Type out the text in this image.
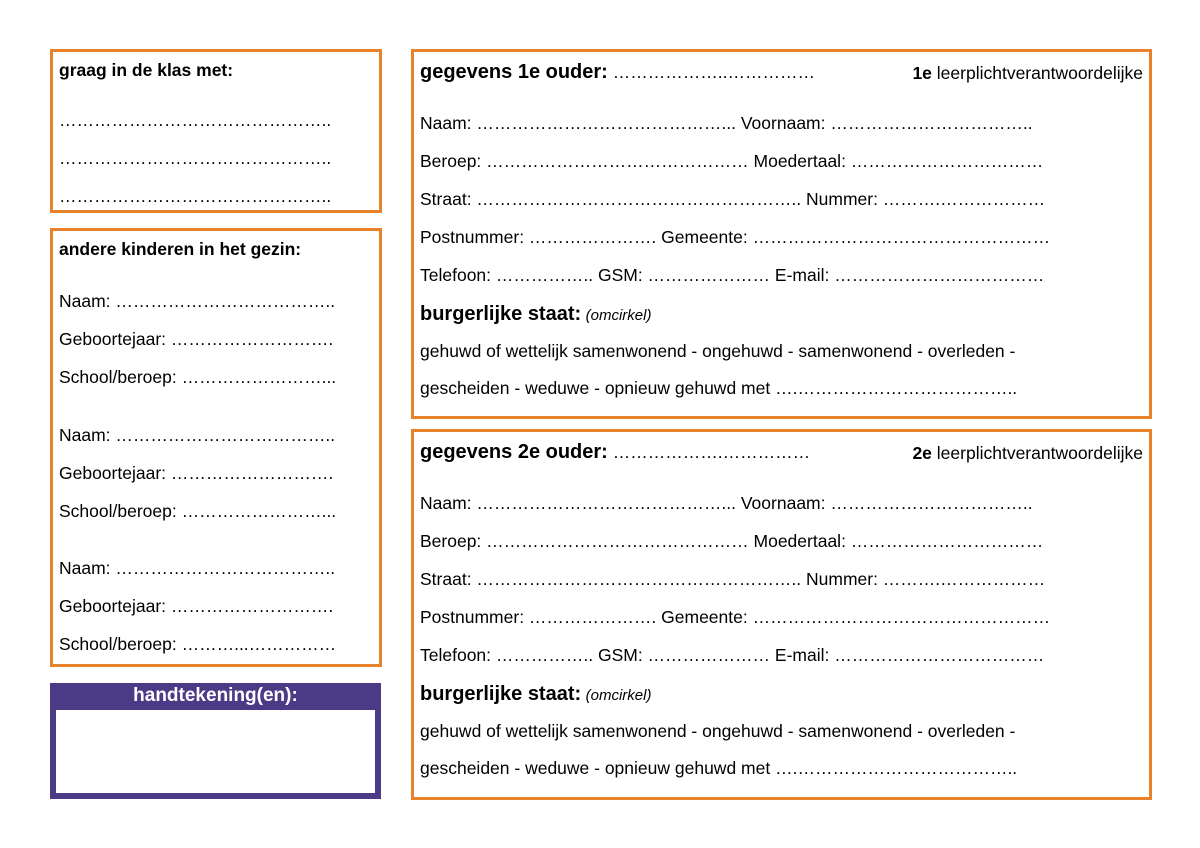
graag in de klas met:
………………………………………..
………………………………………..
………………………………………..
andere kinderen in het gezin:
Naam: ………………………………..
Geboortejaar: ……………………….
School/beroep: ……………………...
Naam: ………………………………..
Geboortejaar: ……………………….
School/beroep: ……………………...
Naam: ………………………………..
Geboortejaar: ……………………….
School/beroep: ………...……………
handtekening(en):
gegevens 1e ouder: ………………..……………	1e leerplichtverantwoordelijke
Naam: ……………………………………... Voornaam: ……………………………..
Beroep: ……………………………………… Moedertaal: ……………………………
Straat: ……………………………………………….. Nummer: ……….………………
Postnummer: …………………. Gemeente: ……………………………………………
Telefoon: …………….. GSM: ………………… E-mail: ………………………………
burgerlijke staat: (omcirkel)
gehuwd of wettelijk samenwonend - ongehuwd - samenwonend - overleden -
gescheiden - weduwe - opnieuw gehuwd met ….………………………………..
gegevens 2e ouder: ……………….……………	2e leerplichtverantwoordelijke
Naam: ……………………………………... Voornaam: ……………………………..
Beroep: ……………………………………… Moedertaal: ……………………………
Straat: ……………………………………………….. Nummer: ……….………………
Postnummer: …………………. Gemeente: ……………………………………………
Telefoon: …………….. GSM: ………………… E-mail: ………………………………
burgerlijke staat: (omcirkel)
gehuwd of wettelijk samenwonend - ongehuwd - samenwonend - overleden -
gescheiden - weduwe - opnieuw gehuwd met ….………………………………..
